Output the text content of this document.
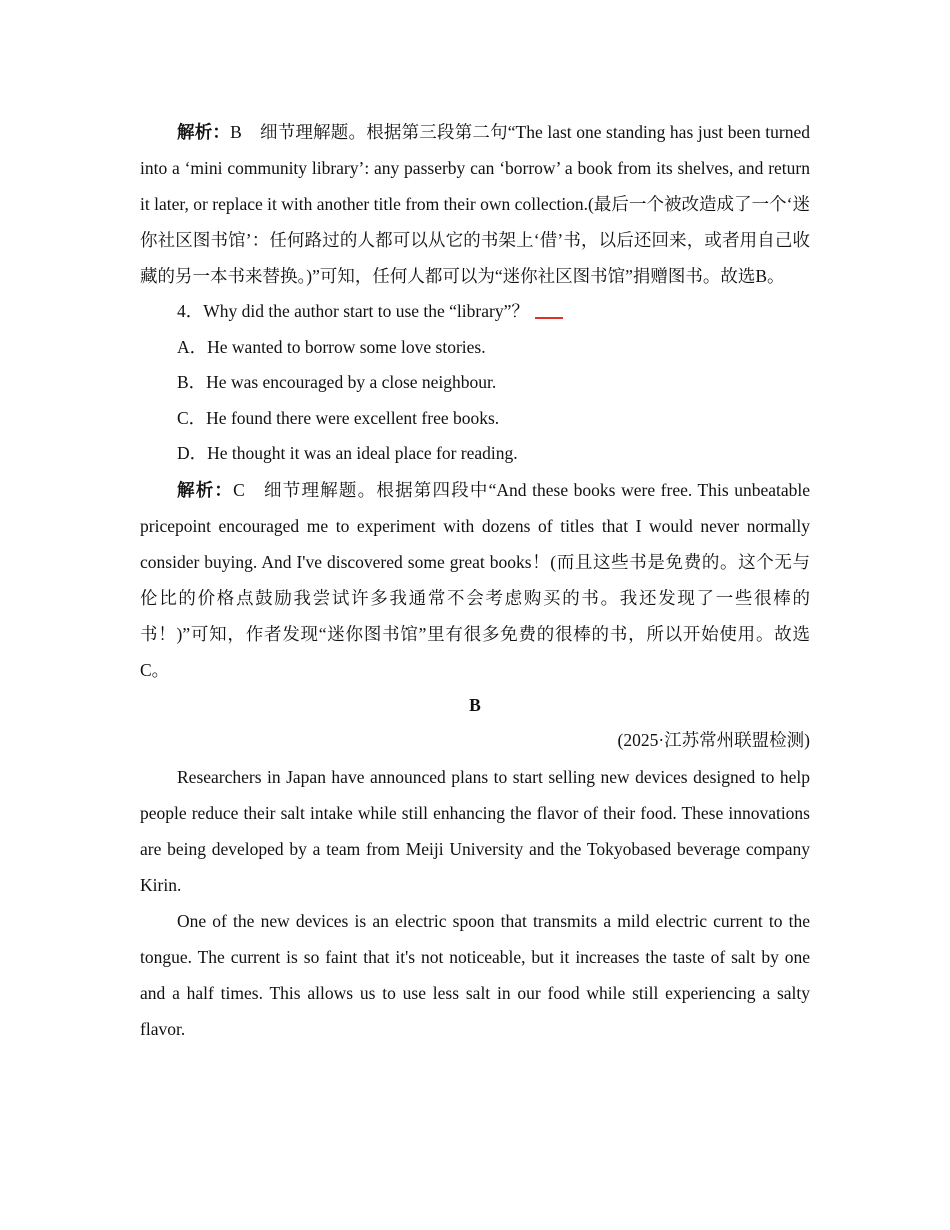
解析：B 细节理解题。根据第三段第二句“The last one standing has just been turned into a ‘mini community library’: any passerby can ‘borrow’ a book from its shelves, and return it later, or replace it with another title from their own collection.(最后一个被改造成了一个‘迷你社区图书馆’：任何路过的人都可以从它的书架上‘借’书，以后还回来，或者用自己收藏的另一本书来替换。)”可知，任何人都可以为“迷你社区图书馆”捐赠图书。故选B。

4．Why did the author start to use the “library”？

A．He wanted to borrow some love stories.

B．He was encouraged by a close neighbour.

C．He found there were excellent free books.

D．He thought it was an ideal place for reading.

解析：C 细节理解题。根据第四段中“And these books were free. This unbeatable pricepoint encouraged me to experiment with dozens of titles that I would never normally consider buying. And I've discovered some great books！(而且这些书是免费的。这个无与伦比的价格点鼓励我尝试许多我通常不会考虑购买的书。我还发现了一些很棒的书！)”可知，作者发现“迷你图书馆”里有很多免费的很棒的书，所以开始使用。故选C。

B

(2025·江苏常州联盟检测)

Researchers in Japan have announced plans to start selling new devices designed to help people reduce their salt intake while still enhancing the flavor of their food. These innovations are being developed by a team from Meiji University and the Tokyobased beverage company Kirin.

One of the new devices is an electric spoon that transmits a mild electric current to the tongue. The current is so faint that it's not noticeable, but it increases the taste of salt by one and a half times. This allows us to use less salt in our food while still experiencing a salty flavor.
